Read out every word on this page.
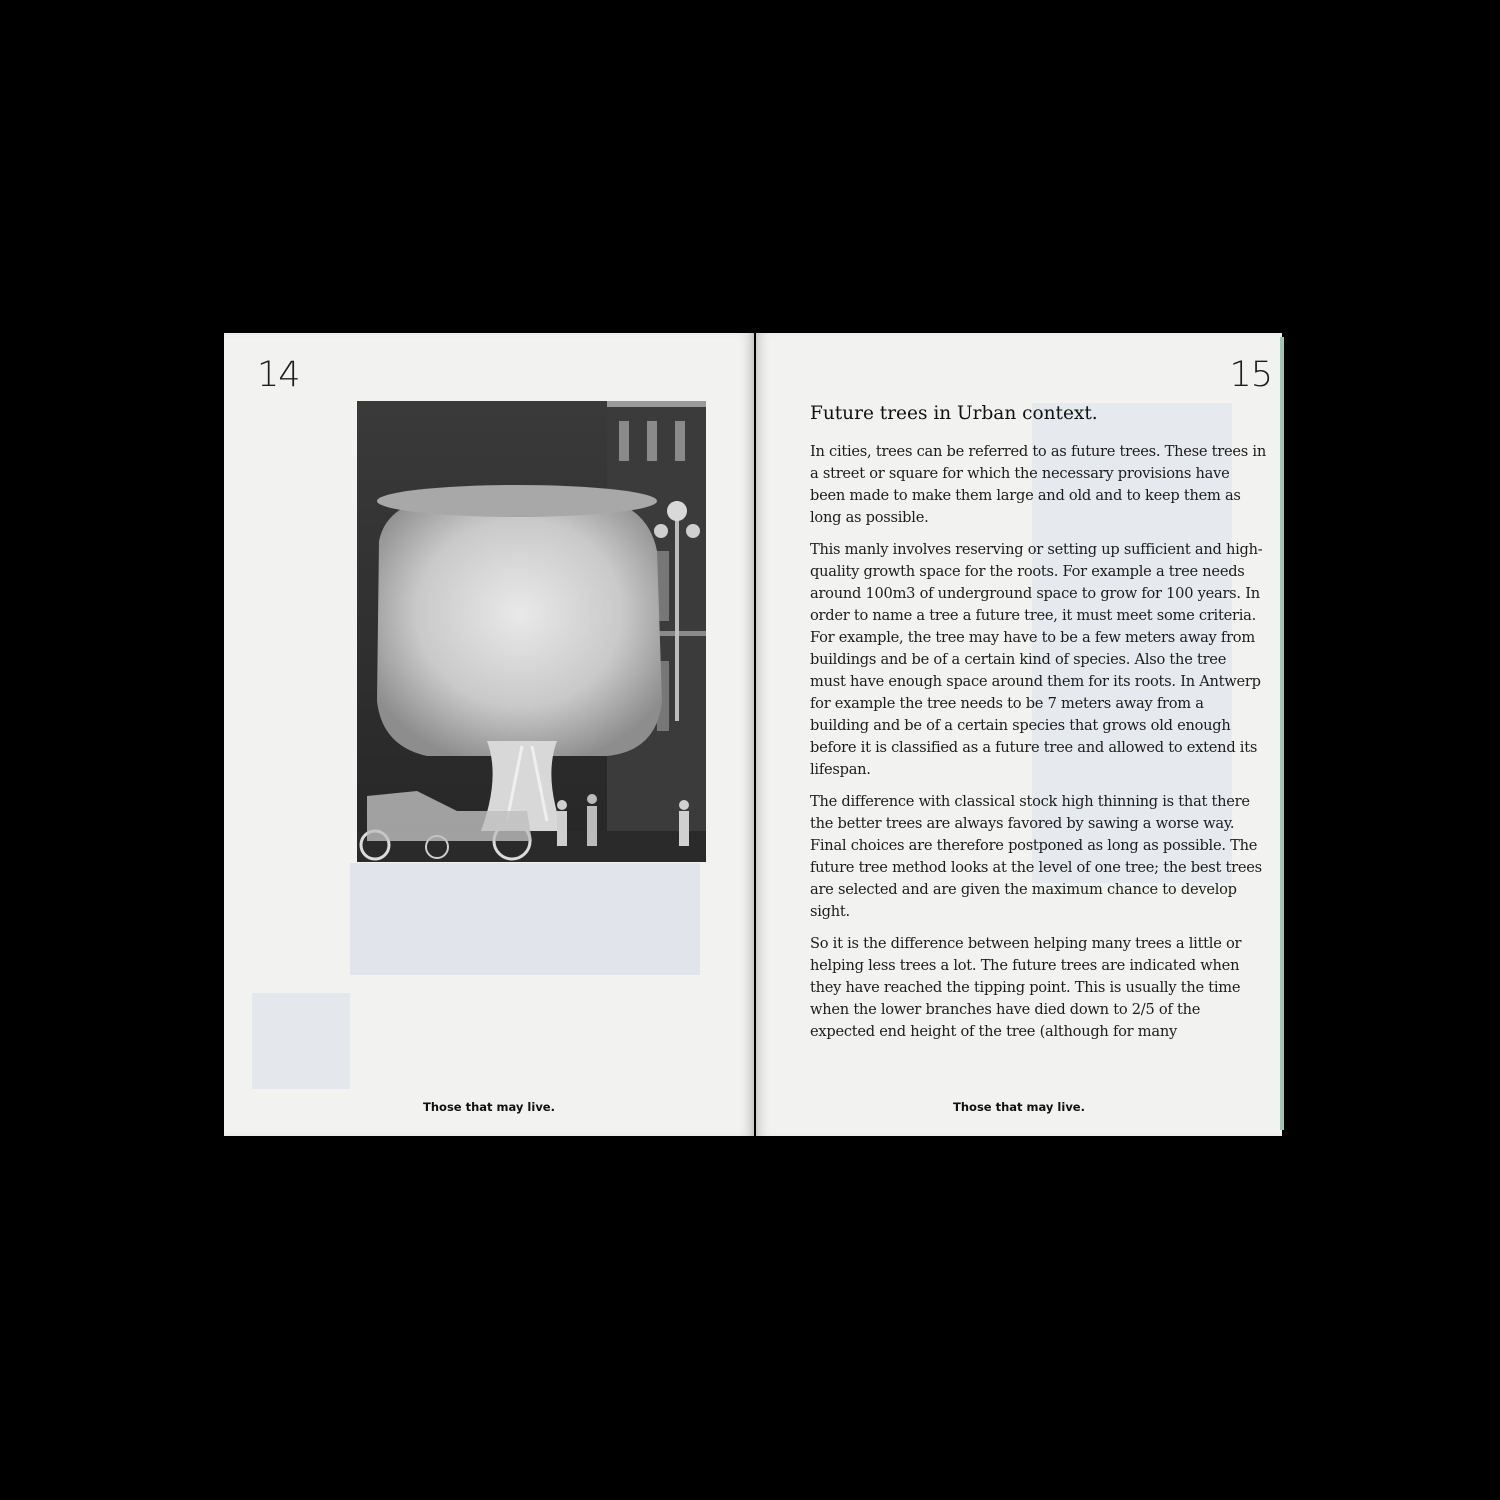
14
Those that may live.
15
Future trees in Urban context.

In cities, trees can be referred to as future trees. These trees in a street or square for which the necessary provisions have been made to make them large and old and to keep them as long as possible.

This manly involves reserving or setting up sufficient and high-quality growth space for the roots. For example a tree needs around 100m3 of underground space to grow for 100 years. In order to name a tree a future tree, it must meet some criteria. For example, the tree may have to be a few meters away from buildings and be of a certain kind of species. Also the tree must have enough space around them for its roots. In Antwerp for example the tree needs to be 7 meters away from a building and be of a certain species that grows old enough before it is classified as a future tree and allowed to extend its lifespan.

The difference with classical stock high thinning is that there the better trees are always favored by sawing a worse way. Final choices are therefore postponed as long as possible. The future tree method looks at the level of one tree; the best trees are selected and are given the maximum chance to develop sight.

So it is the difference between helping many trees a little or helping less trees a lot. The future trees are indicated when they have reached the tipping point. This is usually the time when the lower branches have died down to 2/5 of the expected end height of the tree (although for many

Those that may live.
